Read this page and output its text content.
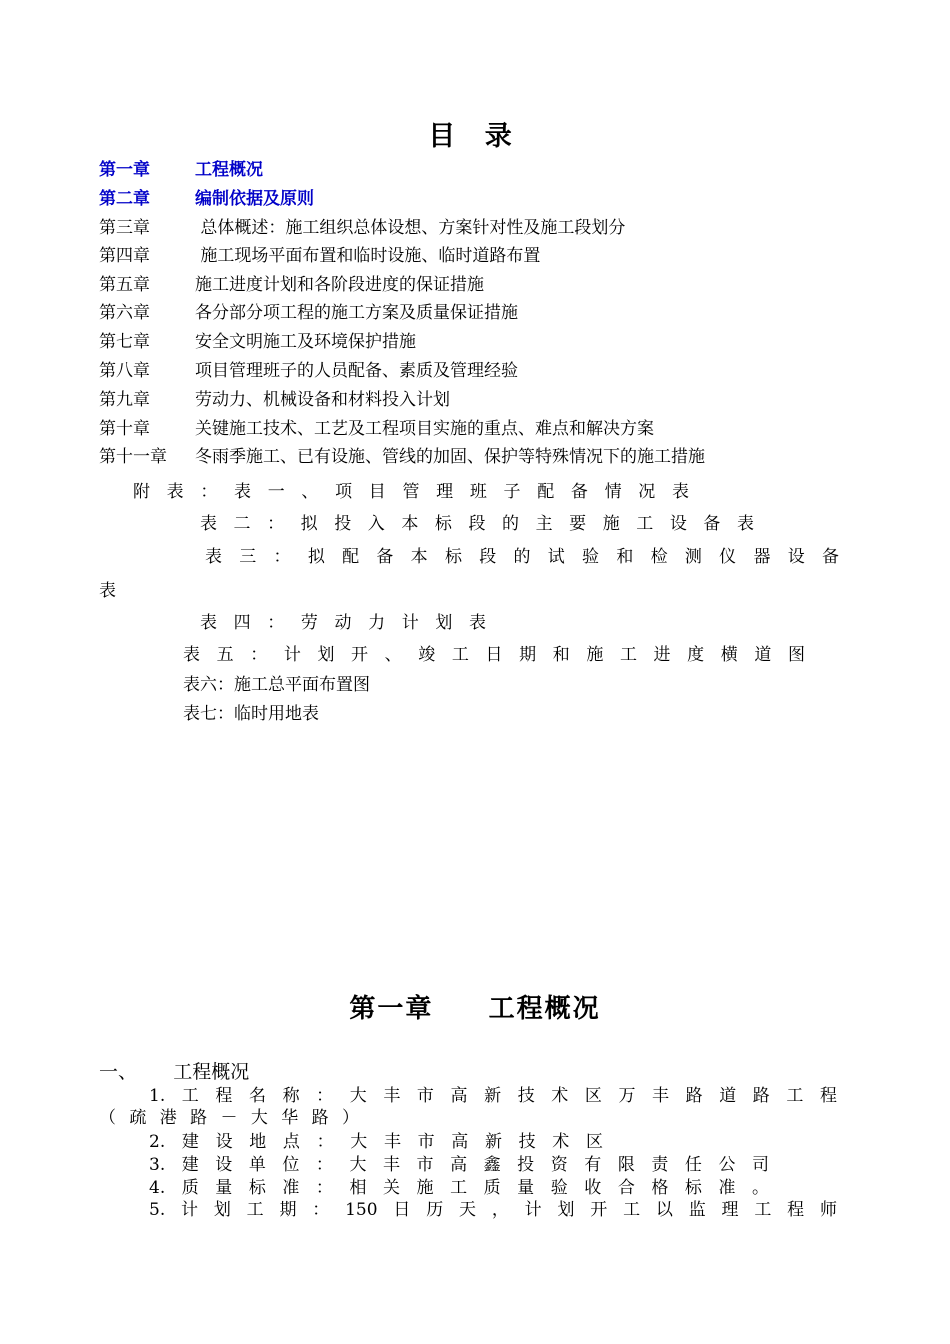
目 录
第一章	工程概况
第二章	编制依据及原则
第三章	总体概述：施工组织总体设想、方案针对性及施工段划分
第四章	施工现场平面布置和临时设施、临时道路布置
第五章	施工进度计划和各阶段进度的保证措施
第六章	各分部分项工程的施工方案及质量保证措施
第七章	安全文明施工及环境保护措施
第八章	项目管理班子的人员配备、素质及管理经验
第九章	劳动力、机械设备和材料投入计划
第十章	关键施工技术、工艺及工程项目实施的重点、难点和解决方案
第十一章 冬雨季施工、已有设施、管线的加固、保护等特殊情况下的施工措施
附表：表一、项目管理班子配备情况表
表二：拟投入本标段的主要施工设备表
表三：拟配备本标段的试验和检测仪器设备
表
表四：劳动力计划表
表五：计划开、竣工日期和施工进度横道图
表六：施工总平面布置图
表七：临时用地表
第一章     工程概况
一、      工程概况
1.工程名称：大丰市高新技术区万丰路道路工程
（疏港路－大华路）
2.建设地点：大丰市高新技术区
3.建设单位：大丰市高鑫投资有限责任公司
4.质量标准：相关施工质量验收合格标准。
5.计划工期：150日历天，计划开工以监理工程师
